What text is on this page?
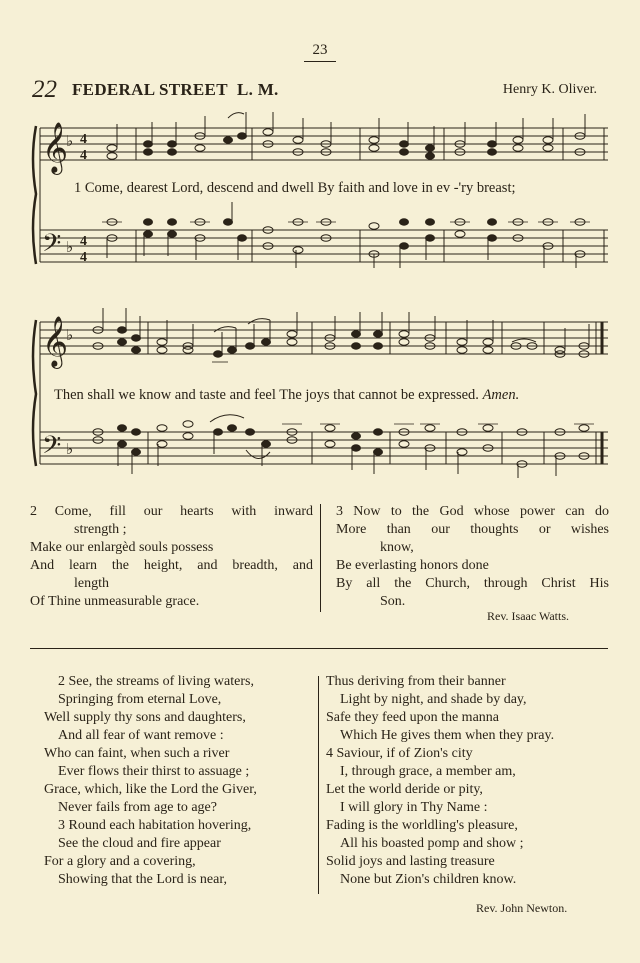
23
22 FEDERAL STREET L. M.	Henry K. Oliver.
𝄞
𝄢
♭
♭
4
4
4
4
1 Come, dearest Lord, descend and dwell By faith and love in ev -'ry breast;
𝄞
𝄢
♭
♭
Then shall we know and taste and feel The joys that cannot be expressed. Amen.
2 Come, fill our hearts with inward
strength ;
Make our enlargèd souls possess
And learn the height, and breadth, and
length
Of Thine unmeasurable grace.
3 Now to the God whose power can do
More than our thoughts or wishes
know,
Be everlasting honors done
By all the Church, through Christ His
Son.
Rev. Isaac Watts.
2 See, the streams of living waters,
Springing from eternal Love,
Well supply thy sons and daughters,
And all fear of want remove :
Who can faint, when such a river
Ever flows their thirst to assuage ;
Grace, which, like the Lord the Giver,
Never fails from age to age?
3 Round each habitation hovering,
See the cloud and fire appear
For a glory and a covering,
Showing that the Lord is near,
Thus deriving from their banner
Light by night, and shade by day,
Safe they feed upon the manna
Which He gives them when they pray.
4 Saviour, if of Zion's city
I, through grace, a member am,
Let the world deride or pity,
I will glory in Thy Name :
Fading is the worldling's pleasure,
All his boasted pomp and show ;
Solid joys and lasting treasure
None but Zion's children know.
Rev. John Newton.
